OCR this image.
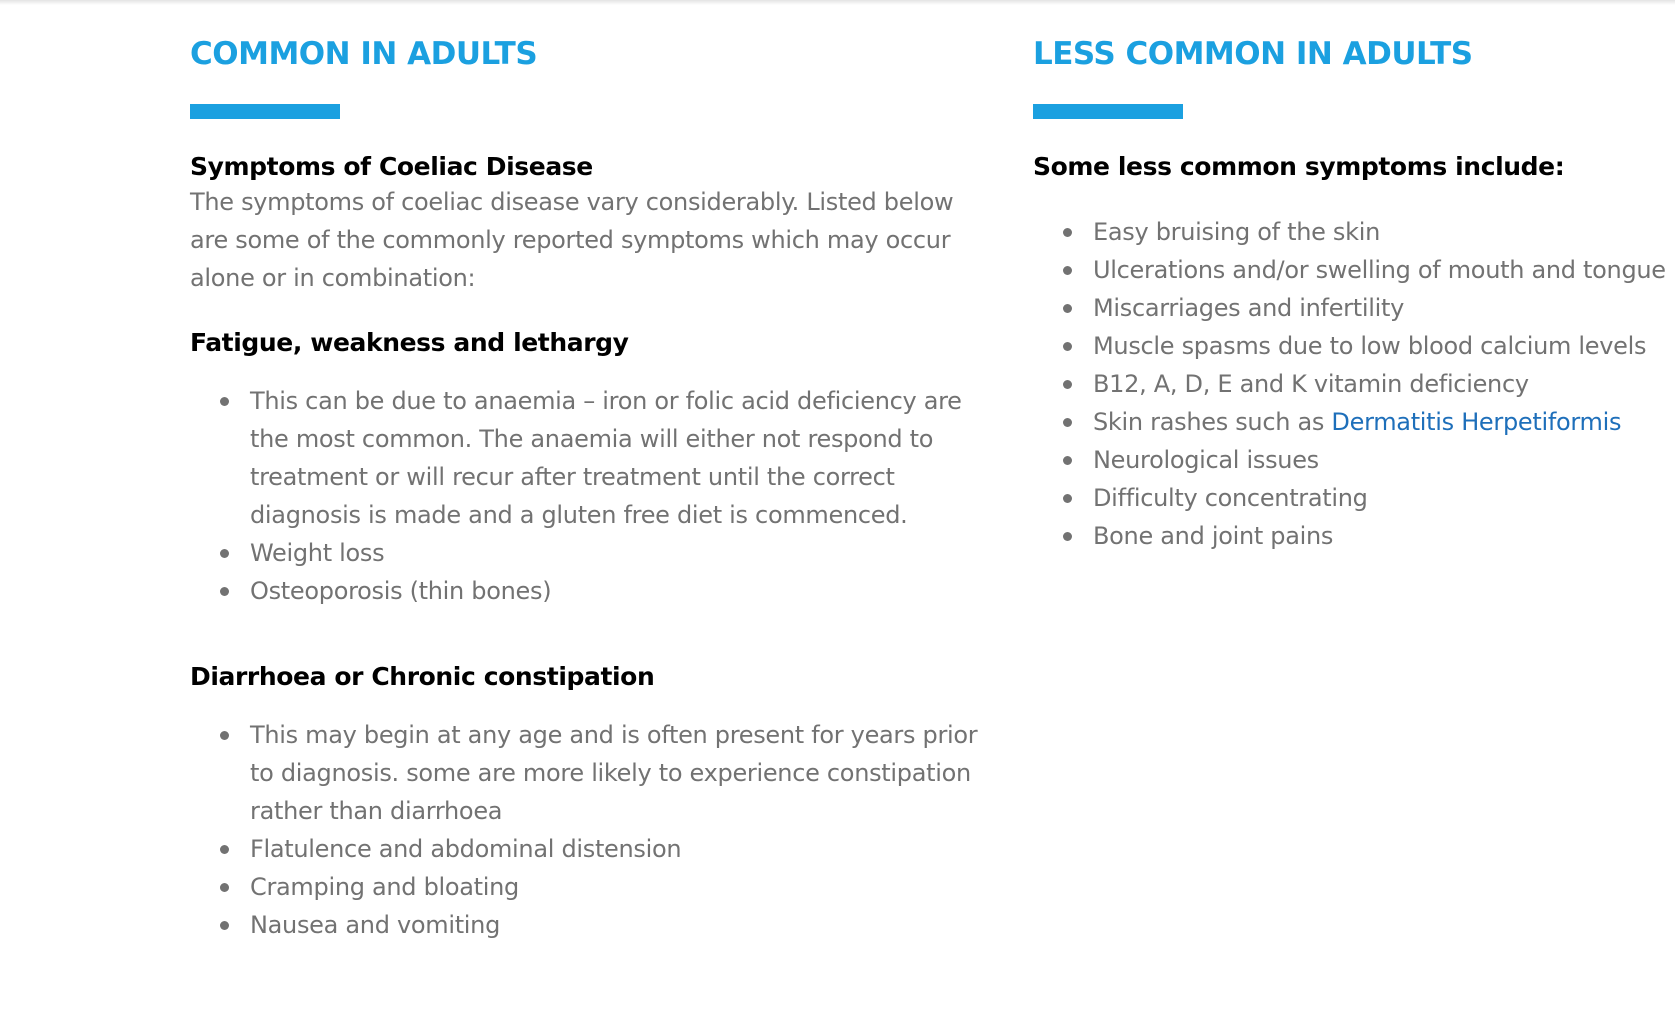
COMMON IN ADULTS
Symptoms of Coeliac Disease

The symptoms of coeliac disease vary considerably. Listed below are some of the commonly reported symptoms which may occur alone or in combination:

Fatigue, weakness and lethargy
This can be due to anaemia – iron or folic acid deficiency are the most common. The anaemia will either not respond to treatment or will recur after treatment until the correct diagnosis is made and a gluten free diet is commenced.
Weight loss
Osteoporosis (thin bones)
Diarrhoea or Chronic constipation
This may begin at any age and is often present for years prior to diagnosis. some are more likely to experience constipation rather than diarrhoea
Flatulence and abdominal distension
Cramping and bloating
Nausea and vomiting
LESS COMMON IN ADULTS
Some less common symptoms include:
Easy bruising of the skin
Ulcerations and/or swelling of mouth and tongue
Miscarriages and infertility
Muscle spasms due to low blood calcium levels
B12, A, D, E and K vitamin deficiency
Skin rashes such as Dermatitis Herpetiformis
Neurological issues
Difficulty concentrating
Bone and joint pains
